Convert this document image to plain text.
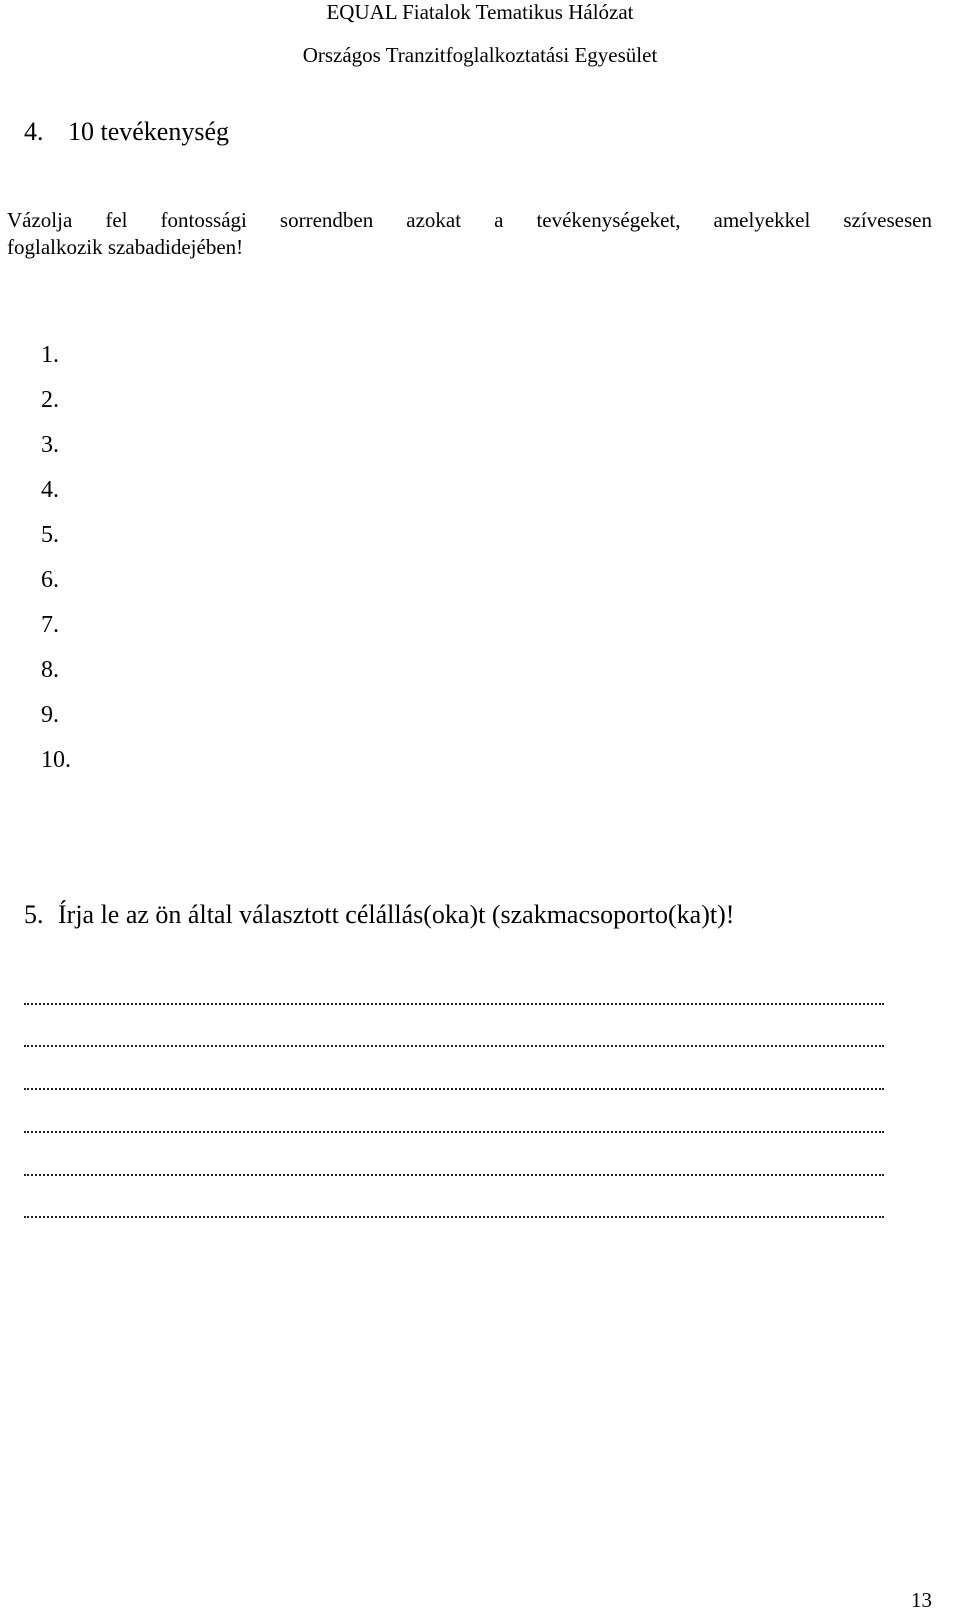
EQUAL Fiatalok Tematikus Hálózat
Országos Tranzitfoglalkoztatási Egyesület
4. 10 tevékenység
Vázolja fel fontossági sorrendben azokat a tevékenységeket, amelyekkel szívesesen
foglalkozik szabadidejében!
1.
2.
3.
4.
5.
6.
7.
8.
9.
10.
5. Írja le az ön által választott célállás(oka)t (szakmacsoporto(ka)t)!
13
